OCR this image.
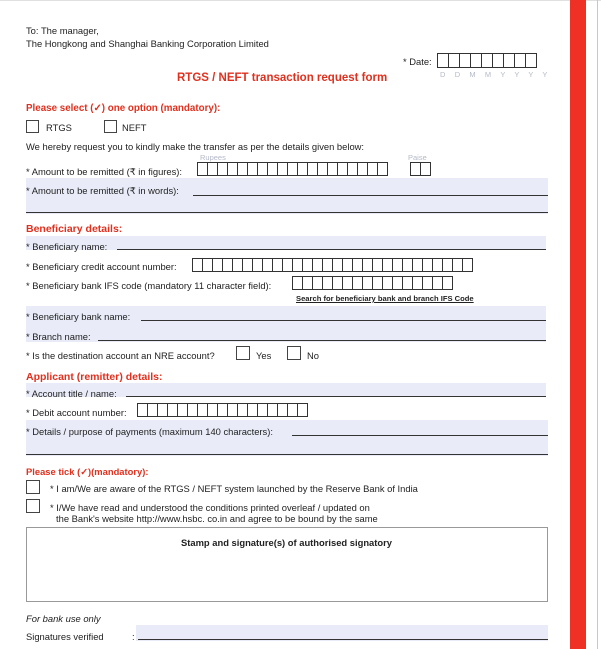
To: The manager,
The Hongkong and Shanghai Banking Corporation Limited
* Date:
D D M M Y Y Y Y
RTGS / NEFT transaction request form
Please select (✓) one option (mandatory):
RTGS	NEFT
We hereby request you to kindly make the transfer as per the details given below:
Rupees	Paise
* Amount to be remitted (₹ in figures):
* Amount to be remitted (₹ in words):
Beneficiary details:
* Beneficiary name:
* Beneficiary credit account number:
* Beneficiary bank IFS code (mandatory 11 character field):
Search for beneficiary bank and branch IFS Code
* Beneficiary bank name:
* Branch name:
* Is the destination account an NRE account?	Yes	No
Applicant (remitter) details:
* Account title / name:
* Debit account number:
* Details / purpose of payments (maximum 140 characters):
Please tick (✓)(mandatory):
* I am/We are aware of the RTGS / NEFT system launched by the Reserve Bank of India
* I/We have read and understood the conditions printed overleaf / updated on
the Bank's website http://www.hsbc. co.in and agree to be bound by the same
Stamp and signature(s) of authorised signatory
For bank use only
Signatures verified	:
